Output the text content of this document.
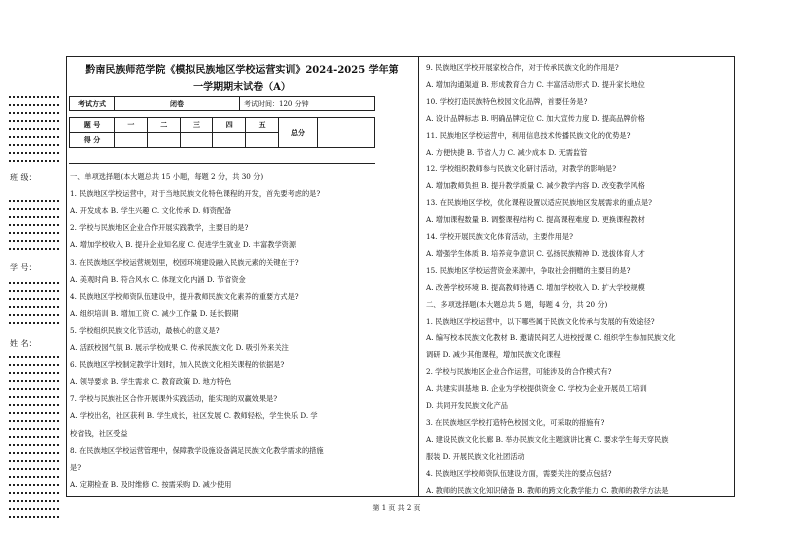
班 级：
学 号：
姓 名：
黔南民族师范学院《模拟民族地区学校运营实训》2024-2025 学年第
一学期期末试卷（A）
考试方式	闭卷	考试时间：120 分钟
题 号	一	二	三	四	五	总分	
得 分							
一、单项选择题(本大题总共 15 小题，每题 2 分，共 30 分)
1. 民族地区学校运营中，对于当地民族文化特色课程的开发，首先要考虑的是?
A. 开发成本 B. 学生兴趣 C. 文化传承 D. 师资配备
2. 学校与民族地区企业合作开展实践教学，主要目的是?
A. 增加学校收入 B. 提升企业知名度 C. 促进学生就业 D. 丰富教学资源
3. 在民族地区学校运营规划里，校园环境建设融入民族元素的关键在于?
A. 美观时尚 B. 符合风水 C. 体现文化内涵 D. 节省资金
4. 民族地区学校师资队伍建设中，提升教师民族文化素养的重要方式是?
A. 组织培训 B. 增加工资 C. 减少工作量 D. 延长假期
5. 学校组织民族文化节活动，最核心的意义是?
A. 活跃校园气氛 B. 展示学校成果 C. 传承民族文化 D. 吸引外来关注
6. 民族地区学校制定教学计划时，加入民族文化相关课程的依据是?
A. 领导要求 B. 学生需求 C. 教育政策 D. 地方特色
7. 学校与民族社区合作开展课外实践活动，能实现的双赢效果是?
A. 学校出名，社区获利 B. 学生成长，社区发展 C. 教师轻松，学生快乐 D. 学
校省钱，社区受益
8. 在民族地区学校运营管理中，保障教学设施设备满足民族文化教学需求的措施
是?
A. 定期检查 B. 及时维修 C. 按需采购 D. 减少使用
9. 民族地区学校开展家校合作，对于传承民族文化的作用是?
A. 增加沟通渠道 B. 形成教育合力 C. 丰富活动形式 D. 提升家长地位
10. 学校打造民族特色校园文化品牌，首要任务是?
A. 设计品牌标志 B. 明确品牌定位 C. 加大宣传力度 D. 提高品牌价格
11. 民族地区学校运营中，利用信息技术传播民族文化的优势是?
A. 方便快捷 B. 节省人力 C. 减少成本 D. 无需监管
12. 学校组织教师参与民族文化研讨活动，对教学的影响是?
A. 增加教师负担 B. 提升教学质量 C. 减少教学内容 D. 改变教学风格
13. 在民族地区学校，优化课程设置以适应民族地区发展需求的重点是?
A. 增加课程数量 B. 调整课程结构 C. 提高课程难度 D. 更换课程教材
14. 学校开展民族文化体育活动，主要作用是?
A. 增强学生体质 B. 培养竞争意识 C. 弘扬民族精神 D. 选拔体育人才
15. 民族地区学校运营资金来源中，争取社会捐赠的主要目的是?
A. 改善学校环境 B. 提高教师待遇 C. 增加学校收入 D. 扩大学校规模
二、多项选择题(本大题总共 5 题，每题 4 分，共 20 分)
1. 民族地区学校运营中，以下哪些属于民族文化传承与发展的有效途径?
A. 编写校本民族文化教材 B. 邀请民间艺人进校授课 C. 组织学生参加民族文化
调研 D. 减少其他课程，增加民族文化课程
2. 学校与民族地区企业合作运营，可能涉及的合作模式有?
A. 共建实训基地 B. 企业为学校提供资金 C. 学校为企业开展员工培训
D. 共同开发民族文化产品
3. 在民族地区学校打造特色校园文化，可采取的措施有?
A. 建设民族文化长廊 B. 举办民族文化主题演讲比赛 C. 要求学生每天穿民族
服装 D. 开展民族文化社团活动
4. 民族地区学校师资队伍建设方面，需要关注的要点包括?
A. 教师的民族文化知识储备 B. 教师的跨文化教学能力 C. 教师的教学方法是
第 1 页 共 2 页
